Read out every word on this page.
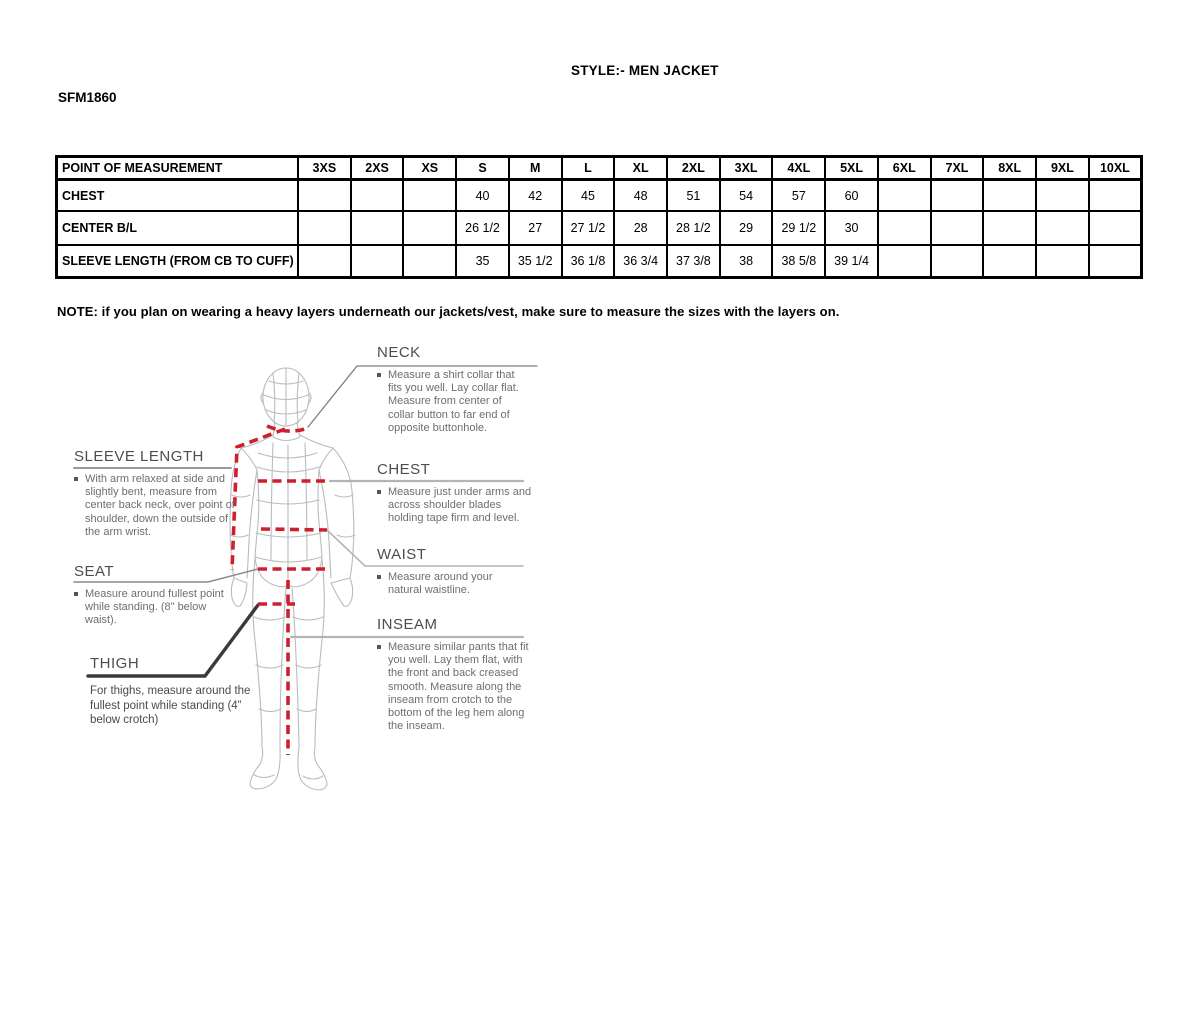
STYLE:- MEN JACKET
SFM1860
POINT OF MEASUREMENT	3XS	2XS	XS	S	M	L	XL	2XL	3XL	4XL	5XL	6XL	7XL	8XL	9XL	10XL
CHEST				40	42	45	48	51	54	57	60					
CENTER B/L				26 1/2	27	27 1/2	28	28 1/2	29	29 1/2	30					
SLEEVE LENGTH (FROM CB TO CUFF)				35	35 1/2	36 1/8	36 3/4	37 3/8	38	38 5/8	39 1/4					
NOTE: if you plan on wearing a heavy layers underneath our jackets/vest, make sure to measure the sizes with the layers on.
NECK
Measure a shirt collar that fits you well. Lay collar flat. Measure from center of collar button to far end of opposite buttonhole.
SLEEVE LENGTH
With arm relaxed at side and slightly bent, measure from center back neck, over point of shoulder, down the outside of the arm wrist.
CHEST
Measure just under arms and across shoulder blades holding tape firm and level.
WAIST
Measure around your natural waistline.
SEAT
Measure around fullest point while standing. (8" below waist).	INSEAM
Measure similar pants that fit you well. Lay them flat, with the front and back creased smooth. Measure along the inseam from crotch to the bottom of the leg hem along the inseam.
THIGH
For thighs, measure around the fullest point while standing (4” below crotch)
